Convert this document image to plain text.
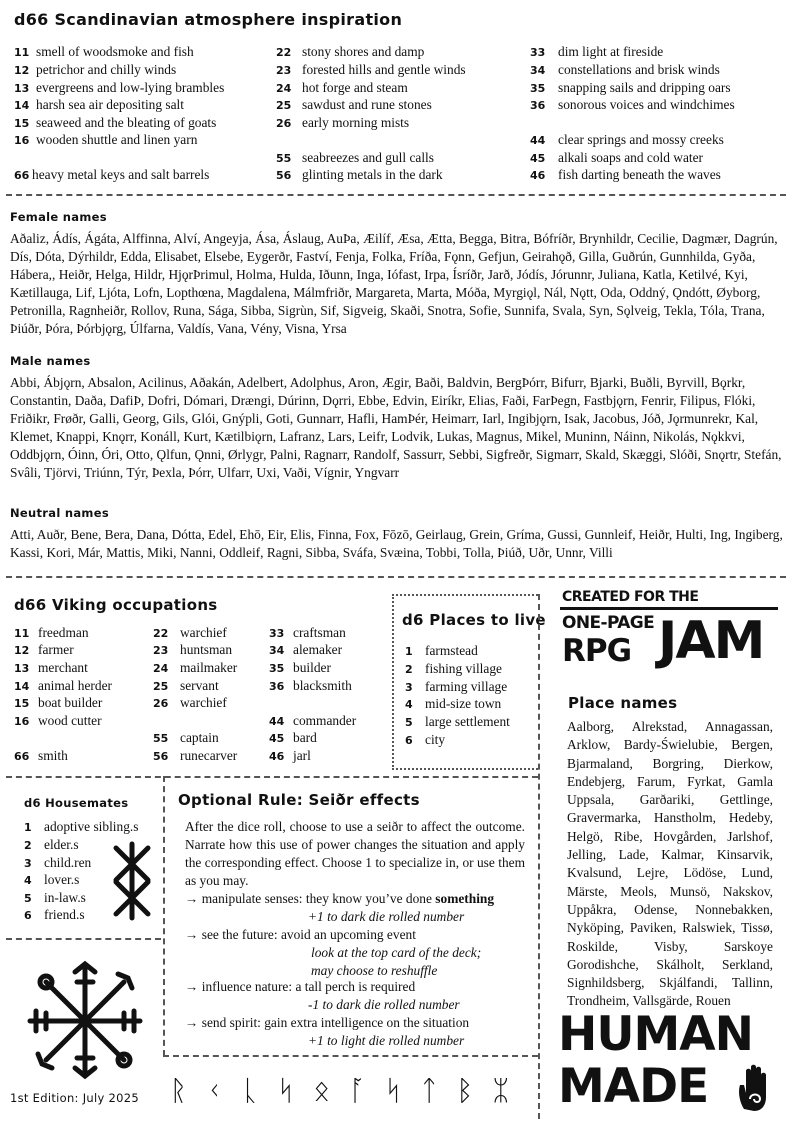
d66 Scandinavian atmosphere inspiration
11 smell of woodsmoke and fish
12 petrichor and chilly winds
13 evergreens and low-lying brambles
14 harsh sea air depositing salt
15 seaweed and the bleating of goats
16 wooden shuttle and linen yarn
66 heavy metal keys and salt barrels
22 stony shores and damp
23 forested hills and gentle winds
24 hot forge and steam
25 sawdust and rune stones
26 early morning mists
55 seabreezes and gull calls
56 glinting metals in the dark
33 dim light at fireside
34 constellations and brisk winds
35 snapping sails and dripping oars
36 sonorous voices and windchimes
44 clear springs and mossy creeks
45 alkali soaps and cold water
46 fish darting beneath the waves
Female names
Aðaliz, Ádís, Ágáta, Alffinna, Alví, Angeyja, Ása, Áslaug, AuÞa, Æilíf, Æsa, Ætta, Begga, Bitra, Bófríðr, Brynhildr, Cecilie, Dagmær, Dagrún, Dís, Dóta, Dýrhildr, Edda, Elisabet, Elsebe, Eygerðr, Faství, Fenja, Folka, Fríða, Fǫnn, Gefjun, Geirahǫð, Gilla, Guðrún, Gunnhilda, Gyða, Hábera,, Heiðr, Helga, Hildr, HjǫrÞrimul, Holma, Hulda, Iðunn, Inga, Iófast, Irpa, Ísríðr, Jarð, Jódís, Jórunnr, Juliana, Katla, Ketilvé, Kyi, Kætillauga, Lif, Ljóta, Lofn, Lopthœna, Magdalena, Málmfriðr, Margareta, Marta, Móða, Myrgiǫl, Nál, Nǫtt, Oda, Oddný, Ǫndótt, Øyborg, Petronilla, Ragnheiðr, Rollov, Runa, Sága, Sibba, Sigrùn, Sif, Sigveig, Skaði, Snotra, Sofie, Sunnifa, Svala, Syn, Sǫlveig, Tekla, Tóla, Trana, Þiúðr, Þóra, Þórbjǫrg, Úlfarna, Valdís, Vana, Vény, Visna, Yrsa
Male names
Abbi, Ábjǫrn, Absalon, Acilinus, Aðakán, Adelbert, Adolphus, Aron, Ægir, Baði, Baldvin, BergÞórr, Bifurr, Bjarki, Buðli, Byrvill, Bǫrkr, Constantin, Daða, DafiÞ, Dofri, Dómari, Drængi, Dúrinn, Dǫrri, Ebbe, Edvin, Eiríkr, Elias, Faði, FarÞegn, Fastbjǫrn, Fenrir, Filipus, Flóki, Friðikr, Frøðr, Galli, Georg, Gils, Glói, Gnýpli, Goti, Gunnarr, Hafli, HamÞér, Heimarr, Iarl, Ingibjǫrn, Isak, Jacobus, Jóð, Jǫrmunrekr, Kal, Klemet, Knappi, Knǫrr, Konáll, Kurt, Kætilbiǫrn, Lafranz, Lars, Leifr, Lodvik, Lukas, Magnus, Mikel, Muninn, Náinn, Nikolás, Nǫkkvi, Oddbjǫrn, Óinn, Óri, Otto, Ǫlfun, Ǫnni, Ørlygr, Palni, Ragnarr, Randolf, Sassurr, Sebbi, Sigfreðr, Sigmarr, Skald, Skæggi, Slóði, Snǫrtr, Stefán, Svâli, Tjörvi, Triúnn, Týr, Þexla, Þórr, Ulfarr, Uxi, Vaði, Vígnir, Yngvarr
Neutral names
Atti, Auðr, Bene, Bera, Dana, Dótta, Edel, Ehō, Eir, Elis, Finna, Fox, Fōzō, Geirlaug, Grein, Gríma, Gussi, Gunnleif, Heiðr, Hulti, Ing, Ingiberg, Kassi, Kori, Már, Mattis, Miki, Nanni, Oddleif, Ragni, Sibba, Sváfa, Svæina, Tobbi, Tolla, Þiúð, Uðr, Unnr, Villi
d66 Viking occupations
11 freedman
12 farmer
13 merchant
14 animal herder
15 boat builder
16 wood cutter
66 smith
22 warchief
23 huntsman
24 mailmaker
25 servant
26 warchief
55 captain
56 runecarver
33 craftsman
34 alemaker
35 builder
36 blacksmith
44 commander
45 bard
46 jarl
d6 Places to live
1 farmstead
2 fishing village
3 farming village
4 mid-size town
5 large settlement
6 city
CREATED FOR THE
ONE-PAGE
RPG JAM
Place names
Aalborg, Alrekstad, Annagassan, Arklow, Bardy-Świelubie, Bergen, Bjarmaland, Borgring, Dierkow, Endebjerg, Farum, Fyrkat, Gamla Uppsala, Garðariki, Gettlinge, Gravermarka, Hanstholm, Hedeby, Helgö, Ribe, Hovgården, Jarlshof, Jelling, Lade, Kalmar, Kinsarvik, Kvalsund, Lejre, Lödöse, Lund, Märste, Meols, Munsö, Nakskov, Uppåkra, Odense, Nonnebakken, Nyköping, Paviken, Ralswiek, Tissø, Roskilde, Visby, Sarskoye Gorodishche, Skálholt, Serkland, Signhildsberg, Skjálfandi, Tallinn, Trondheim, Vallsgärde, Rouen
d6 Housemates
1 adoptive sibling.s
2 elder.s
3 child.ren
4 lover.s
5 in-law.s
6 friend.s
Optional Rule: Seiðr effects
After the dice roll, choose to use a seiðr to affect the outcome. Narrate how this use of power changes the situation and apply the corresponding effect. Choose 1 to specialize in, or use them as you may.
→ manipulate senses: they know you’ve done something
+1 to dark die rolled number
→ see the future: avoid an upcoming event
look at the top card of the deck;
may choose to reshuffle
→ influence nature: a tall perch is required
-1 to dark die rolled number
→ send spirit: gain extra intelligence on the situation
+1 to light die rolled number
1st Edition: July 2025 ᚱ ᚲ ᚳ ᛋ ᛟ ᚪ ᛋ ᛏ ᛒ ᛯ
HUMAN
MADE
